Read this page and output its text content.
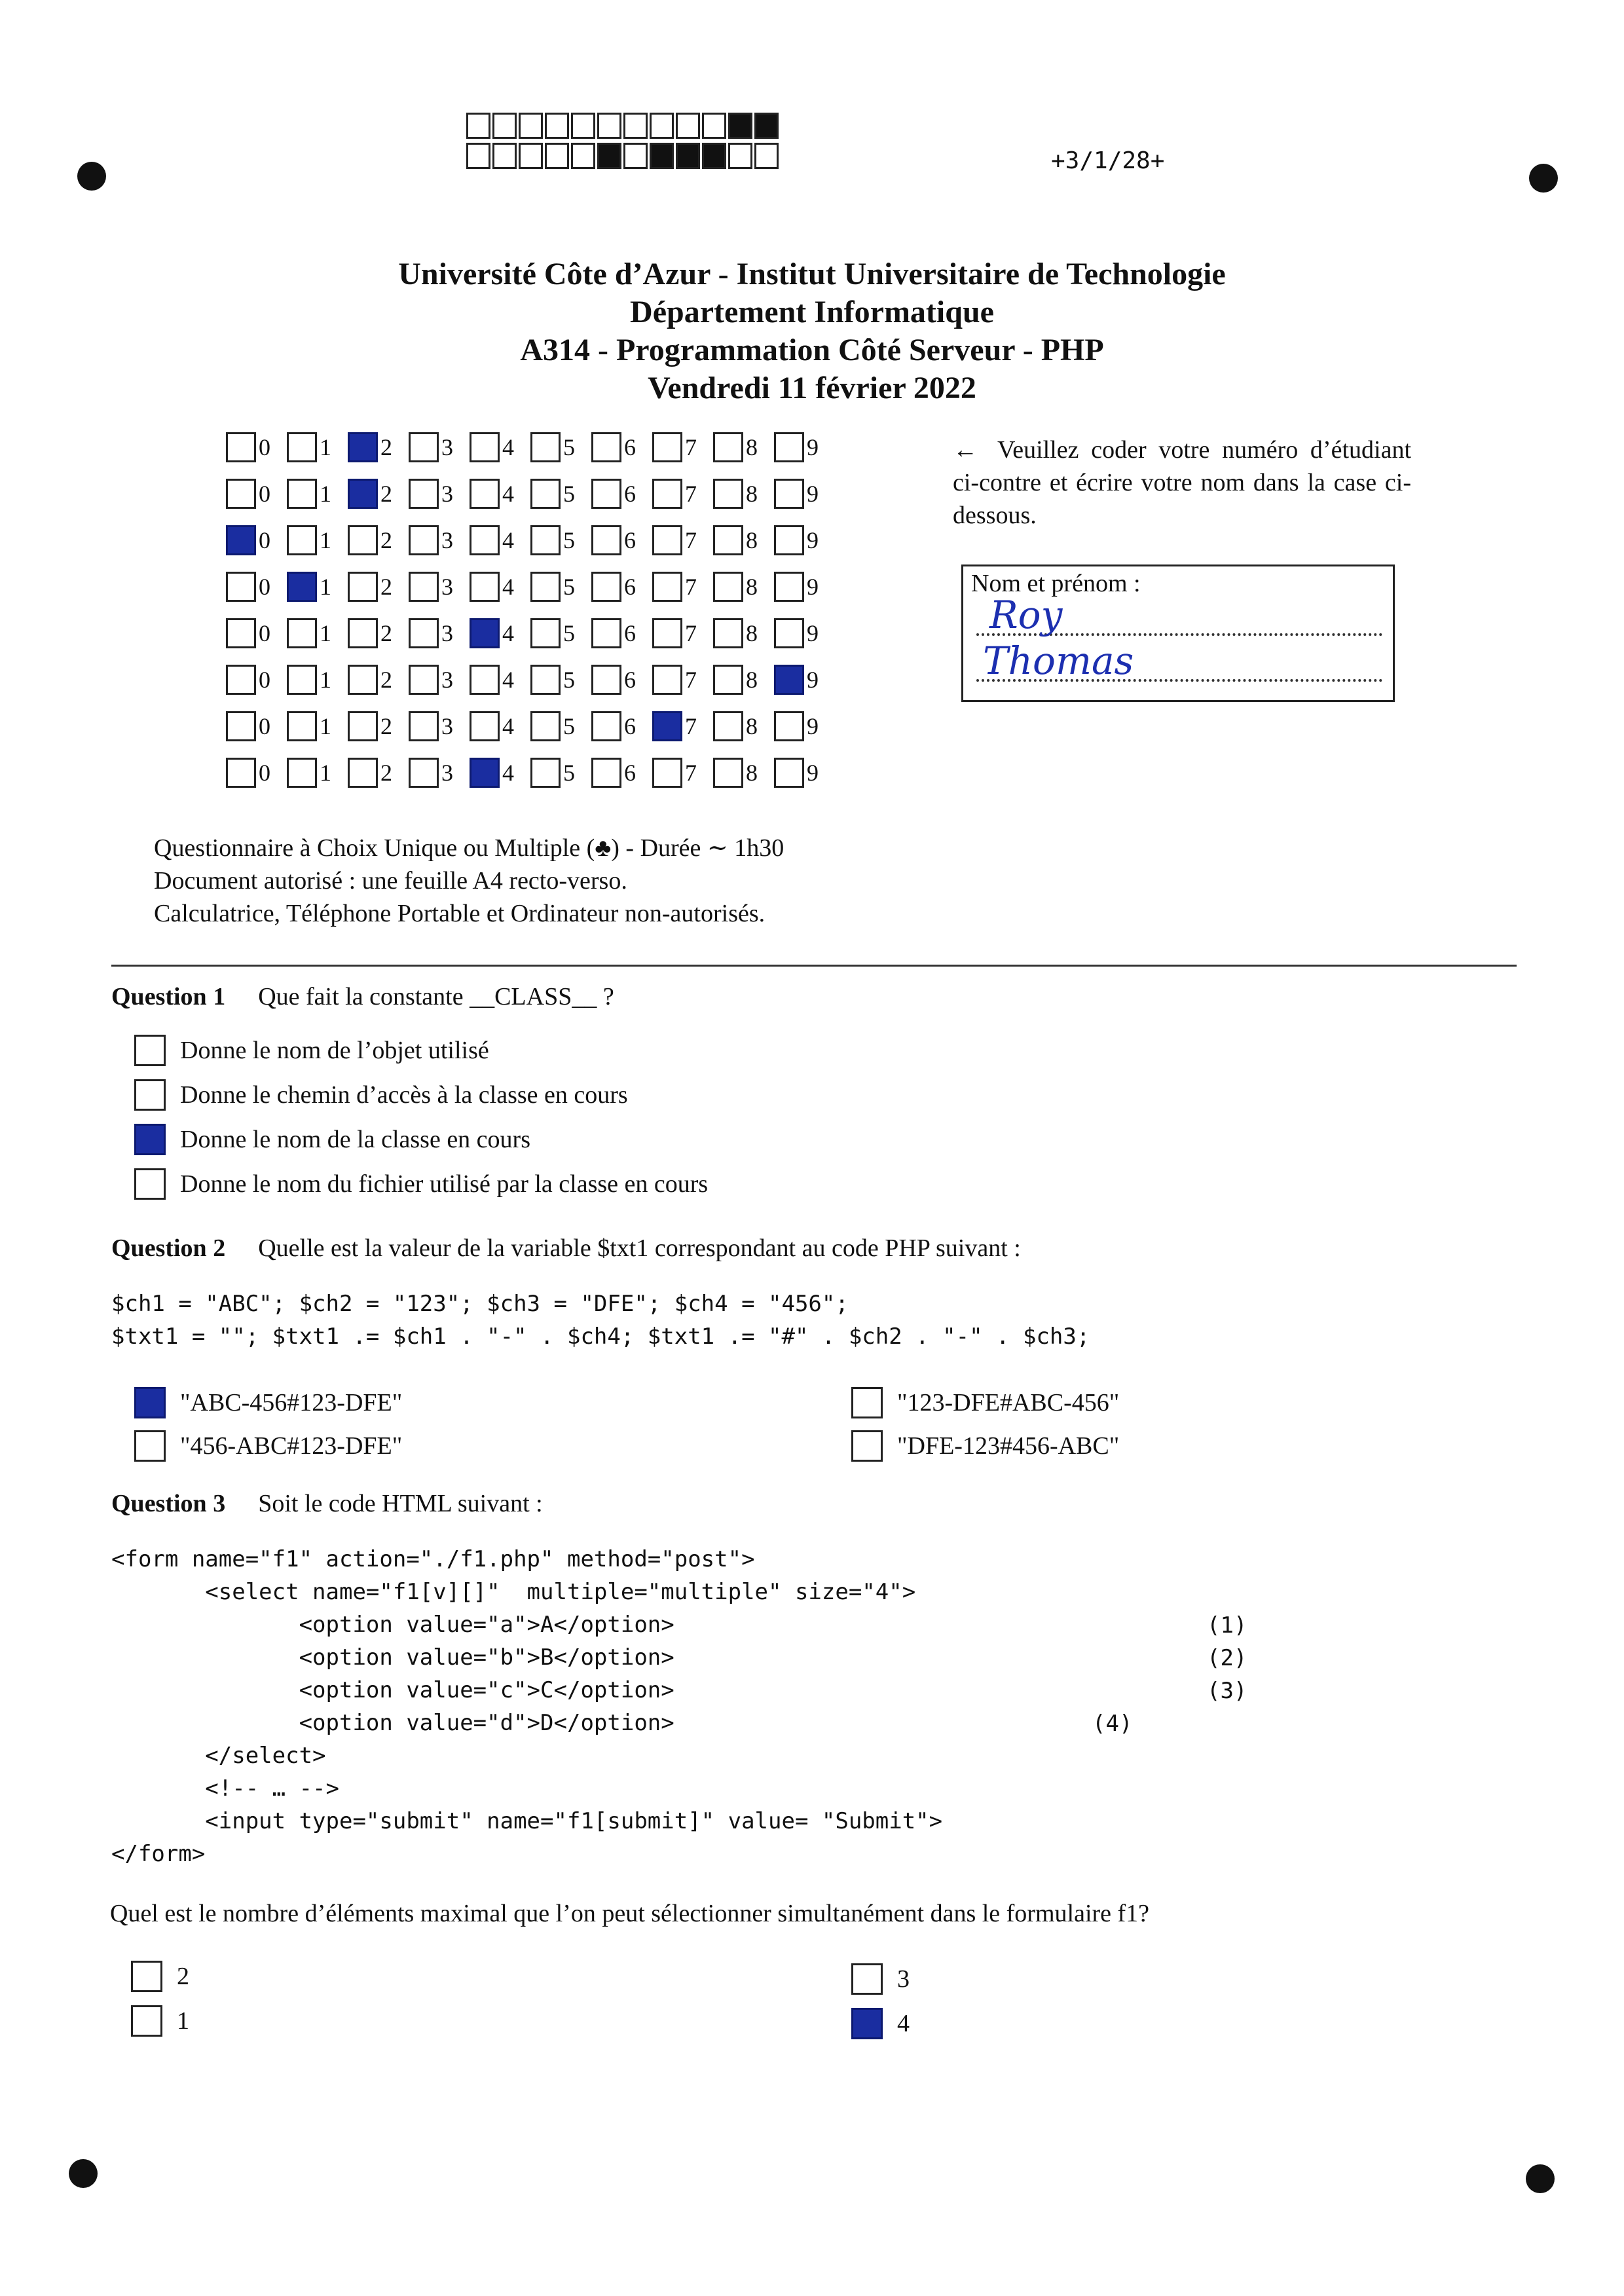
+3/1/28+
Université Côte d’Azur - Institut Universitaire de Technologie
Département Informatique
A314 - Programmation Côté Serveur - PHP
Vendredi 11 février 2022
0 1 2 3 4 5 6 7 8 9
0 1 2 3 4 5 6 7 8 9
0 1 2 3 4 5 6 7 8 9
0 1 2 3 4 5 6 7 8 9
0 1 2 3 4 5 6 7 8 9
0 1 2 3 4 5 6 7 8 9
0 1 2 3 4 5 6 7 8 9
0 1 2 3 4 5 6 7 8 9
← Veuillez coder votre numéro d’étudiant ci-contre et écrire votre nom dans la case ci-dessous.
Nom et prénom :
Roy
Thomas
Questionnaire à Choix Unique ou Multiple (♣) - Durée ∼ 1h30
Document autorisé : une feuille A4 recto-verso.
Calculatrice, Téléphone Portable et Ordinateur non-autorisés.
Question 1 Que fait la constante __CLASS__ ?
Donne le nom de l’objet utilisé
Donne le chemin d’accès à la classe en cours
Donne le nom de la classe en cours
Donne le nom du fichier utilisé par la classe en cours
Question 2 Quelle est la valeur de la variable $txt1 correspondant au code PHP suivant :
$ch1 = "ABC"; $ch2 = "123"; $ch3 = "DFE"; $ch4 = "456";
$txt1 = ""; $txt1 .= $ch1 . "-" . $ch4; $txt1 .= "#" . $ch2 . "-" . $ch3;
"ABC-456#123-DFE"	"123-DFE#ABC-456"
"456-ABC#123-DFE"	"DFE-123#456-ABC"
Question 3 Soit le code HTML suivant :
<form name="f1" action="./f1.php" method="post">
<select name="f1[v][]"  multiple="multiple" size="4">
<option value="a">A</option>
<option value="b">B</option>
<option value="c">C</option>
<option value="d">D</option>
</select>
<!-- … -->
<input type="submit" name="f1[submit]" value= "Submit">
</form>
(1)
(2)
(3)
(4)
Quel est le nombre d’éléments maximal que l’on peut sélectionner simultanément dans le formulaire f1?
2	3
1	4
